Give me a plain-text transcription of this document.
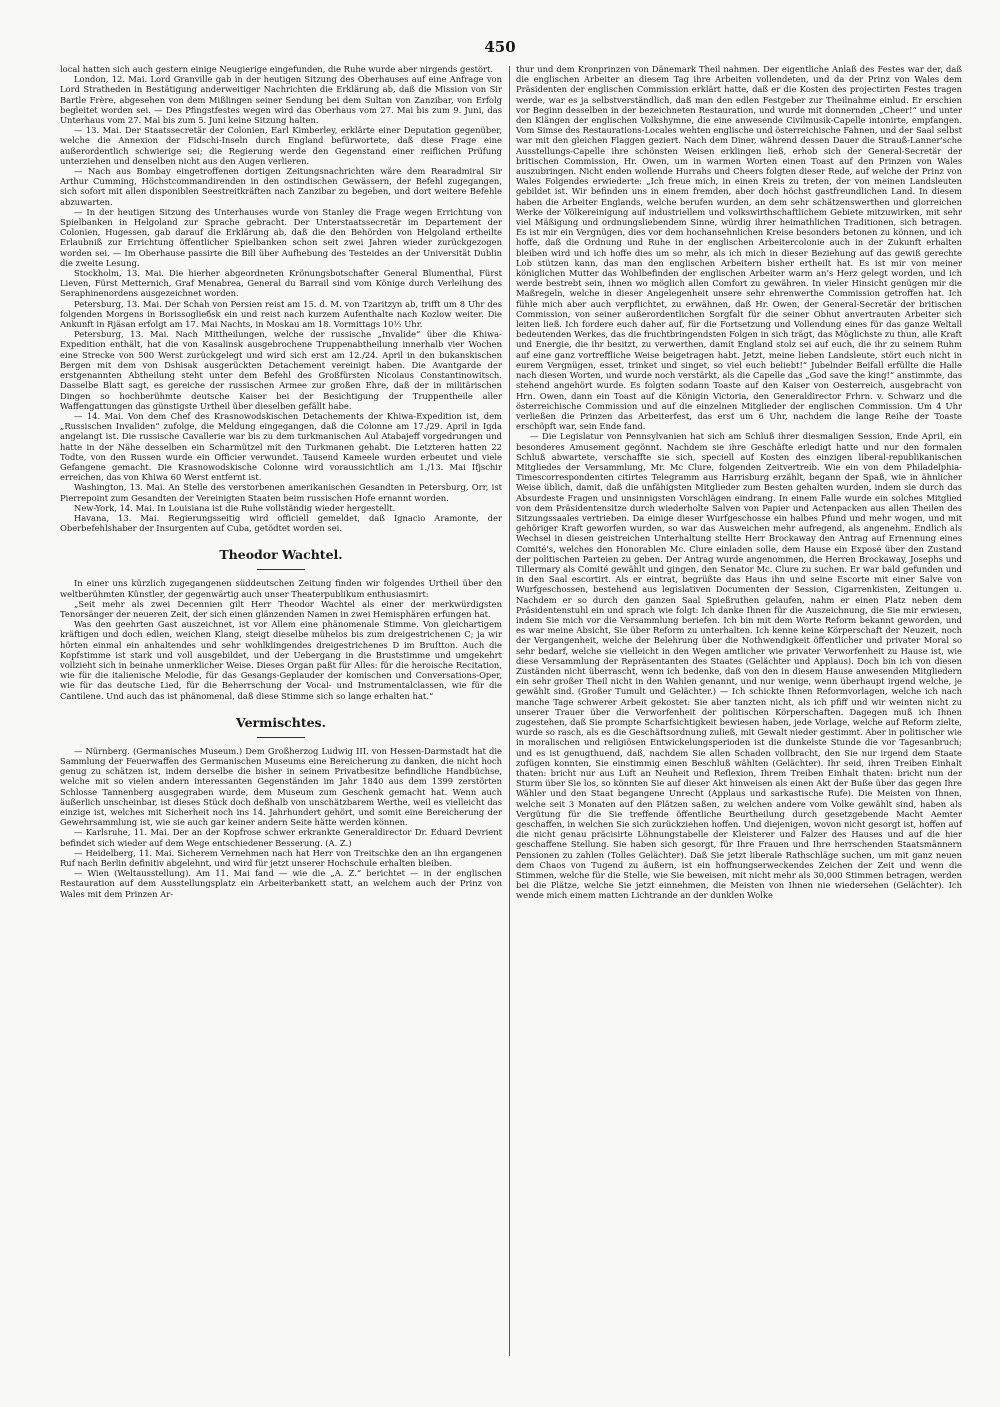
450

local hatten sich auch gestern einige Neugierige eingefunden, die Ruhe wurde aber nirgends gestört.

London, 12. Mai. Lord Granville gab in der heutigen Sitzung des Oberhauses auf eine Anfrage von Lord Strathеden in Bestätigung anderweitiger Nachrichten die Erklärung ab, daß die Mission von Sir Bartle Frère, abgesehen von dem Mißlingen seiner Sendung bei dem Sultan von Zanzibar, von Erfolg begleitet worden sei. — Des Pfingstfestes wegen wird das Oberhaus vom 27. Mai bis zum 9. Juni, das Unterhaus vom 27. Mai bis zum 5. Juni keine Sitzung halten.

— 13. Mai. Der Staatssecretär der Colonien, Earl Kimberley, erklärte einer Deputation gegenüber, welche die Annexion der Fidschi-Inseln durch England befürwortete, daß diese Frage eine außerordentlich schwierige sei; die Regierung werde den Gegenstand einer reiflichen Prüfung unterziehen und denselben nicht aus den Augen verlieren.

— Nach aus Bombay eingetroffenen dortigen Zeitungsnachrichten wäre dem Rearadmiral Sir Arthur Cumming, Höchstcommandirenden in den ostindischen Gewässern, der Befehl zugegangen, sich sofort mit allen disponiblen Seestreitkräften nach Zanzibar zu begeben, und dort weitere Befehle abzuwarten.

— In der heutigen Sitzung des Unterhauses wurde von Stanley die Frage wegen Errichtung von Spielbanken in Helgoland zur Sprache gebracht. Der Unterstaatssecretär im Departement der Colonien, Hugessen, gab darauf die Erklärung ab, daß die den Behörden von Helgoland ertheilte Erlaubniß zur Errichtung öffentlicher Spielbanken schon seit zwei Jahren wieder zurückgezogen worden sei. — Im Oberhause passirte die Bill über Aufhebung des Testeides an der Universität Dublin die zweite Lesung.

Stockholm, 13. Mai. Die hierher abgeordneten Krönungsbotschafter General Blumenthal, Fürst Lieven, Fürst Metternich, Graf Menabrea, General du Barrail sind vom Könige durch Verleihung des Seraphinenordens ausgezeichnet worden.

Petersburg, 13. Mai. Der Schah von Persien reist am 15. d. M. von Tzaritzyn ab, trifft um 8 Uhr des folgenden Morgens in Borissoglieбsk ein und reist nach kurzem Aufenthalte nach Kozlow weiter. Die Ankunft in Rjäsan erfolgt am 17. Mai Nachts, in Moskau am 18. Vormittags 10½ Uhr.

Petersburg, 13. Mai. Nach Mittheilungen, welche der russische „Invalide“ über die Khiwa-Expedition enthält, hat die von Kasalinsk ausgebrochene Truppenabtheilung innerhalb vier Wochen eine Strecke von 500 Werst zurückgelegt und wird sich erst am 12./24. April in den bukanskischen Bergen mit dem von Dshisak ausgerückten Detachement vereinigt haben. Die Avantgarde der erstgenannten Abtheilung steht unter dem Befehl des Großfürsten Nicolaus Constantinowitsch. Dasselbe Blatt sagt, es gereiche der russischen Armee zur großen Ehre, daß der in militärischen Dingen so hochberühmte deutsche Kaiser bei der Besichtigung der Truppentheile aller Waffengattungen das günstigste Urtheil über dieselben gefällt habe.

— 14. Mai. Von dem Chef des Krasnowodskischen Detachements der Khiwa-Expedition ist, dem „Russischen Invaliden“ zufolge, die Meldung eingegangen, daß die Colonne am 17./29. April in Igda angelangt ist. Die russische Cavallerie war bis zu dem turkmanischen Aul Atabajeff vorgedrungen und hatte in der Nähe desselben ein Scharmützel mit den Turkmanen gehabt. Die Letzteren hatten 22 Todte, von den Russen wurde ein Officier verwundet. Tausend Kameele wurden erbeutet und viele Gefangene gemacht. Die Krasnowodskische Colonne wird voraussichtlich am 1./13. Mai Ifjschir erreichen, das von Khiwa 60 Werst entfernt ist.

Washington, 13. Mai. An Stelle des verstorbenen amerikanischen Gesandten in Petersburg, Orr, ist Pierrepoint zum Gesandten der Vereinigten Staaten beim russischen Hofe ernannt worden.

New-York, 14. Mai. In Louisiana ist die Ruhe vollständig wieder hergestellt.

Havana, 13. Mai. Regierungsseitig wird officiell gemeldet, daß Ignacio Aramonte, der Oberbefehlshaber der Insurgenten auf Cuba, getödtet worden sei.

Theodor Wachtel.

In einer uns kürzlich zugegangenen süddeutschen Zeitung finden wir folgendes Urtheil über den weltberühmten Künstler, der gegenwärtig auch unser Theaterpublikum enthusiasmirt:

„Seit mehr als zwei Decennien gilt Herr Theodor Wachtel als einer der merkwürdigsten Tenorsänger der neueren Zeit, der sich einen glänzenden Namen in zwei Hemisphären erfungen hat.

Was den geehrten Gast auszeichnet, ist vor Allem eine phänomenale Stimme. Von gleichartigem kräftigen und doch edlen, weichen Klang, steigt dieselbe mühelos bis zum dreigestrichenen C; ja wir hörten einmal ein anhaltendes und sehr wohlklingendes dreigestrichenes D im Bruſtton. Auch die Kopfstimme ist stark und voll ausgebildet, und der Uebergang in die Bruststimme und umgekehrt vollzieht sich in beinahe unmerklicher Weise. Dieses Organ paßt für Alles: für die heroische Recitation, wie für die italienische Melodie, für das Gesangs-Geplauder der komischen und Conversations-Oper, wie für das deutsche Lied, für die Beherrschung der Vocal- und Instrumentalclassen, wie für die Cantilene. Und auch das ist phänomenal, daß diese Stimme sich so lange erhalten hat.“

Vermischtes.

— Nürnberg. (Germanisches Museum.) Dem Großherzog Ludwig III. von Hessen-Darmstadt hat die Sammlung der Feuerwaffen des Germanischen Museums eine Bereicherung zu danken, die nicht hoch genug zu schätzen ist, indem derselbe die bisher in seinem Privatbesitze befindliche Handbüchse, welche mit so vielen andern interessanten Gegenständen im Jahr 1840 aus dem 1399 zerstörten Schlosse Tannenberg ausgegraben wurde, dem Museum zum Geschenk gemacht hat. Wenn auch äußerlich unscheinbar, ist dieses Stück doch deßhalb von unschätzbarem Werthe, weil es vielleicht das einzige ist, welches mit Sicherheit noch ins 14. Jahrhundert gehört, und somit eine Bereicherung der Gewehrsammlung ist, wie sie auch gar keiner andern Seite hätte werden können.

— Karlsruhe, 11. Mai. Der an der Kopfrose schwer erkrankte Generaldirector Dr. Eduard Devrient befindet sich wieder auf dem Wege entschiedener Besserung. (A. Z.)

— Heidelberg, 11. Mai. Sicherem Vernehmen nach hat Herr von Treitschke den an ihn ergangenen Ruf nach Berlin definitiv abgelehnt, und wird für jetzt unserer Hochschule erhalten bleiben.

— Wien (Weltausstellung). Am 11. Mai fand — wie die „A. Z.“ berichtet — in der englischen Restauration auf dem Ausstellungsplatz ein Arbeiterbankett statt, an welchem auch der Prinz von Wales mit dem Prinzen Ar-

thur und dem Kronprinzen von Dänemark Theil nahmen. Der eigentliche Anlaß des Festes war der, daß die englischen Arbeiter an diesem Tag ihre Arbeiten vollendeten, und da der Prinz von Wales dem Präsidenten der englischen Commission erklärt hatte, daß er die Kosten des projectirten Festes tragen werde, war es ja selbstverständlich, daß man den edlen Festgeber zur Theilnahme einlud. Er erschien vor Beginn desselben in der bezeichneten Restauration, und wurde mit donnernden „Cheer!“ und unter den Klängen der englischen Volkshymne, die eine anwesende Civilmusik-Capelle intonirte, empfangen. Vom Simse des Restaurations-Locales wehten englische und österreichische Fahnen, und der Saal selbst war mit den gleichen Flaggen geziert. Nach dem Diner, während dessen Dauer die Strauß-Lanner'sche Ausstellungs-Capelle ihre schönsten Weisen erklingen ließ, erhob sich der General-Secretär der britischen Commission, Hr. Owen, um in warmen Worten einen Toast auf den Prinzen von Wales auszubringen. Nicht enden wollende Hurrahs und Cheers folgten dieser Rede, auf welche der Prinz von Wales Folgendes erwiederte: „Ich freue mich, in einen Kreis zu treten, der von meinen Landsleuten gebildet ist. Wir befinden uns in einem fremden, aber doch höchst gastfreundlichen Land. In diesem haben die Arbeiter Englands, welche berufen wurden, an dem sehr schätzenswerthen und glorreichen Werke der Völkereinigung auf industriellem und volkswirthschaftlichem Gebiete mitzuwirken, mit sehr viel Mäßigung und ordnungsliebendem Sinne, würdig ihrer heimathlichen Traditionen, sich betragen. Es ist mir ein Vergnügen, dies vor dem hochansehnlichen Kreise besonders betonen zu können, und ich hoffe, daß die Ordnung und Ruhe in der englischen Arbeitercolonie auch in der Zukunft erhalten bleiben wird und ich hoffe dies um so mehr, als ich mich in dieser Beziehung auf das gewiß gerechte Lob stützen kann, das man den englischen Arbeitern bisher ertheilt hat. Es ist mir von meiner königlichen Mutter das Wohlbefinden der englischen Arbeiter warm an's Herz gelegt worden, und ich werde bestrebt sein, ihnen wo möglich allen Comfort zu gewähren. In vieler Hinsicht genügen mir die Maßregeln, welche in dieser Angelegenheit unsere sehr ehrenwerthe Commission getroffen hat. Ich fühle mich aber auch verpflichtet, zu erwähnen, daß Hr. Owen, der General-Secretär der britischen Commission, von seiner außerordentlichen Sorgfalt für die seiner Obhut anvertrauten Arbeiter sich leiten ließ. Ich fordere euch daher auf, für die Fortsetzung und Vollendung eines für das ganze Weltall bedeutenden Werkes, das die fruchtbringendsten Folgen in sich trägt, das Möglichste zu thun, alle Kraft und Energie, die ihr besitzt, zu verwerthen, damit England stolz sei auf euch, die ihr zu seinem Ruhm auf eine ganz vortreffliche Weise beigetragen habt. Jetzt, meine lieben Landsleute, stört euch nicht in eurem Vergnügen, esset, trinket und singet, so viel euch beliebt!“ Jubelnder Beifall erfüllte die Halle nach diesen Worten, und wurde noch verstärkt, als die Capelle das „God save the king!“ anstimmte, das stehend angehört wurde. Es folgten sodann Toaste auf den Kaiser von Oesterreich, ausgebracht von Hrn. Owen, dann ein Toast auf die Königin Victoria, den Generaldirector Frhrn. v. Schwarz und die österreichische Commission und auf die einzelnen Mitglieder der englischen Commission. Um 4 Uhr verließen die Prinzen das Arbeiterfest, das erst um 6 Uhr, nachdem die lange Reihe der Toaste erschöpft war, sein Ende fand.

— Die Legislatur von Pennsylvanien hat sich am Schluß ihrer diesmaligen Session, Ende April, ein besonderes Amusement gegönnt. Nachdem sie ihre Geschäfte erledigt hatte und nur den formalen Schluß abwartete, verschaffte sie sich, speciell auf Kosten des einzigen liberal-republikanischen Mitgliedes der Versammlung, Mr. Mc Clure, folgenden Zeitvertreib. Wie ein von dem Philadelphia-Timescorrespondenten citirtes Telegramm aus Harrisburg erzählt, begann der Spaß, wie in ähnlicher Weise üblich, damit, daß die unfähigsten Mitglieder zum Besten gehalten wurden, indem sie durch das Absurdeste Fragen und unsinnigsten Vorschlägen eindrang. In einem Falle wurde ein solches Mitglied von dem Präsidentensitze durch wiederholte Salven von Papier und Actenpacken aus allen Theilen des Sitzungssaales vertrieben. Da einige dieser Wurfgeschosse ein halbes Pfund und mehr wogen, und mit gehöriger Kraft geworfen wurden, so war das Ausweichen mehr aufregend, als angenehm. Endlich als Wechsel in diesen geistreichen Unterhaltung stellte Herr Brockaway den Antrag auf Ernennung eines Comité's, welches den Honorablen Mc. Clure einladen solle, dem Hause ein Exposé über den Zustand der politischen Parteien zu geben. Der Antrag wurde angenommen, die Herren Brockaway, Josephs und Tillermary als Comité gewählt und gingen, den Senator Mc. Clure zu suchen. Er war bald gefunden und in den Saal escortirt. Als er eintrat, begrüßte das Haus ihn und seine Escorte mit einer Salve von Wurfgeschossen, bestehend aus legislativen Documenten der Session, Cigarrenkisten, Zeitungen u. Nachdem er so durch den ganzen Saal Spießruthen gelaufen, nahm er einen Platz neben dem Präsidentenstuhl ein und sprach wie folgt: Ich danke Ihnen für die Auszeichnung, die Sie mir erwiesen, indem Sie mich vor die Versammlung beriefen. Ich bin mit dem Worte Reform bekannt geworden, und es war meine Absicht, Sie über Reform zu unterhalten. Ich kenne keine Körperschaft der Neuzeit, noch der Vergangenheit, welche der Belehrung über die Nothwendigkeit öffentlicher und privater Moral so sehr bedarf, welche sie vielleicht in den Wegen amtlicher wie privater Verworfenheit zu Hause ist, wie diese Versammlung der Repräsentanten des Staates (Gelächter und Applaus). Doch bin ich von diesen Zuständen nicht überrascht, wenn ich bedenke, daß von den in diesem Hause anwesenden Mitgliedern ein sehr großer Theil nicht in den Wahlen genannt, und nur wenige, wenn überhaupt irgend welche, je gewählt sind. (Großer Tumult und Gelächter.) — Ich schickte Ihnen Reformvorlagen, welche ich nach manche Tage schwerer Arbeit gekostet: Sie aber tanzten nicht, als ich pfiff und wir weinten nicht zu unserer Trauer über die Verworfenheit der politischen Körperschaften. Dagegen muß ich Ihnen zugestehen, daß Sie prompte Scharfsichtigkeit bewiesen haben, jede Vorlage, welche auf Reform zielte, wurde so rasch, als es die Geschäftsordnung zuließ, mit Gewalt nieder gestimmt. Aber in politischer wie in moralischen und religiösen Entwickelungsperioden ist die dunkelste Stunde die vor Tagesanbruch; und es ist genugthuend, daß, nachdem Sie allen Schaden vollbracht, den Sie nur irgend dem Staate zufügen konnten, Sie einstimmig einen Beschluß wählten (Gelächter). Ihr seid, ihren Treiben Einhalt thaten: bricht nur aus Luft an Neuheit und Reflexion, Ihrem Treiben Einhalt thaten: bricht nun der Sturm über Sie los, so könnten Sie auf dieser Akt hinweisen als einen Akt der Buße über das gegen Ihre Wähler und den Staat begangene Unrecht (Applaus und sarkastische Rufe). Die Meisten von Ihnen, welche seit 3 Monaten auf den Plätzen saßen, zu welchen andere vom Volke gewählt sind, haben als Vergütung für die Sie treffende öffentliche Beurtheilung durch gesetzgebende Macht Aemter geschaffen, in welchen Sie sich zurückziehen hoffen. Und diejenigen, wovon nicht gesorgt ist, hoffen auf die nicht genau präcisirte Löhnungstabelle der Kleisterer und Falzer des Hauses und auf die hier geschaffene Stellung. Sie haben sich gesorgt, für Ihre Frauen und Ihre herrschenden Staatsmännern Pensionen zu zahlen (Tolles Gelächter). Daß Sie jetzt liberale Rathschläge suchen, um mit ganz neuen dem Chaos von Tugend zu äußern, ist ein hoffnungserweckendes Zeichen der Zeit und wenn die Stimmen, welche für die Stelle, wie Sie beweisen, mit nicht mehr als 30,000 Stimmen betragen, werden bei die Plätze, welche Sie jetzt einnehmen, die Meisten von Ihnen nie wiedersehen (Gelächter). Ich wende mich einem matten Lichtrande an der dunklen Wolke
